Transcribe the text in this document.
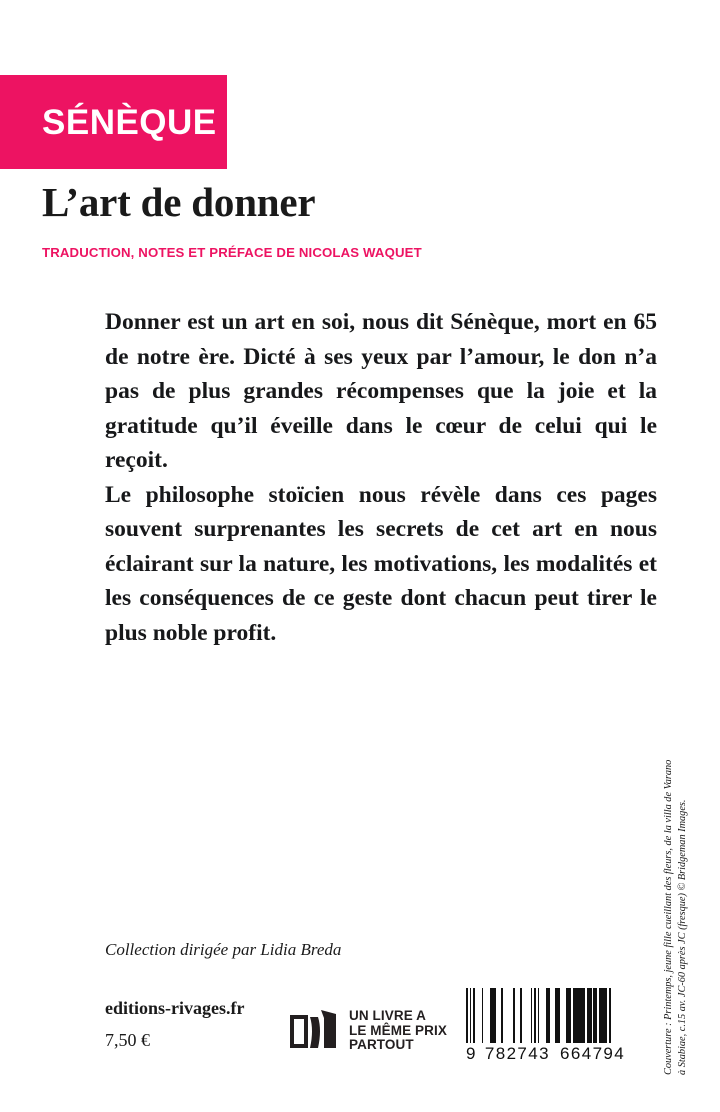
SÉNÈQUE
L’art de donner
TRADUCTION, NOTES ET PRÉFACE DE NICOLAS WAQUET

Donner est un art en soi, nous dit Sénèque, mort en 65 de notre ère. Dicté à ses yeux par l’amour, le don n’a pas de plus grandes récompenses que la joie et la gratitude qu’il éveille dans le cœur de celui qui le reçoit.

Le philosophe stoïcien nous révèle dans ces pages souvent surprenantes les secrets de cet art en nous éclairant sur la nature, les motivations, les modalités et les conséquences de ce geste dont chacun peut tirer le plus noble profit.

Couverture : Printemps, jeune fille cueillant des fleurs, de la villa de Varano à Stabiae, c.15 av. JC-60 après JC (fresque) © Bridgeman Images.
Collection dirigée par Lidia Breda
editions-rivages.fr
7,50 €
UN LIVRE A
LE MÊME PRIX
PARTOUT	9 782743 664794
